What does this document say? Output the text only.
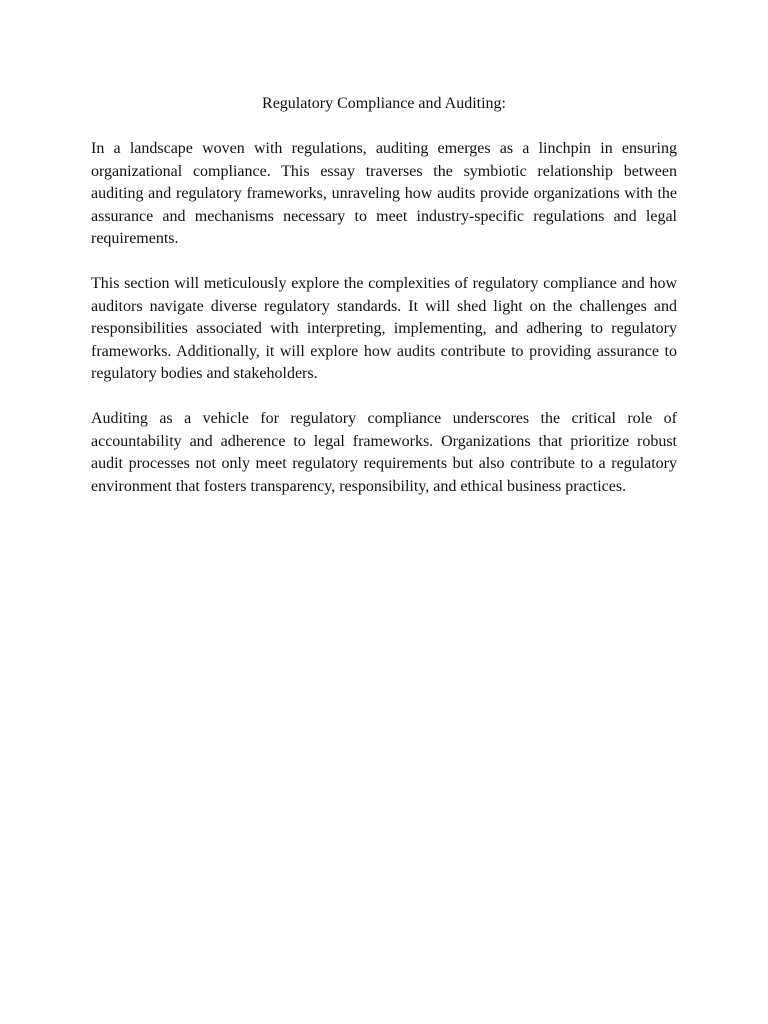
Regulatory Compliance and Auditing:

In a landscape woven with regulations, auditing emerges as a linchpin in ensuring organizational compliance. This essay traverses the symbiotic relationship between auditing and regulatory frameworks, unraveling how audits provide organizations with the assurance and mechanisms necessary to meet industry-specific regulations and legal requirements.

This section will meticulously explore the complexities of regulatory compliance and how auditors navigate diverse regulatory standards. It will shed light on the challenges and responsibilities associated with interpreting, implementing, and adhering to regulatory frameworks. Additionally, it will explore how audits contribute to providing assurance to regulatory bodies and stakeholders.

Auditing as a vehicle for regulatory compliance underscores the critical role of accountability and adherence to legal frameworks. Organizations that prioritize robust audit processes not only meet regulatory requirements but also contribute to a regulatory environment that fosters transparency, responsibility, and ethical business practices.
